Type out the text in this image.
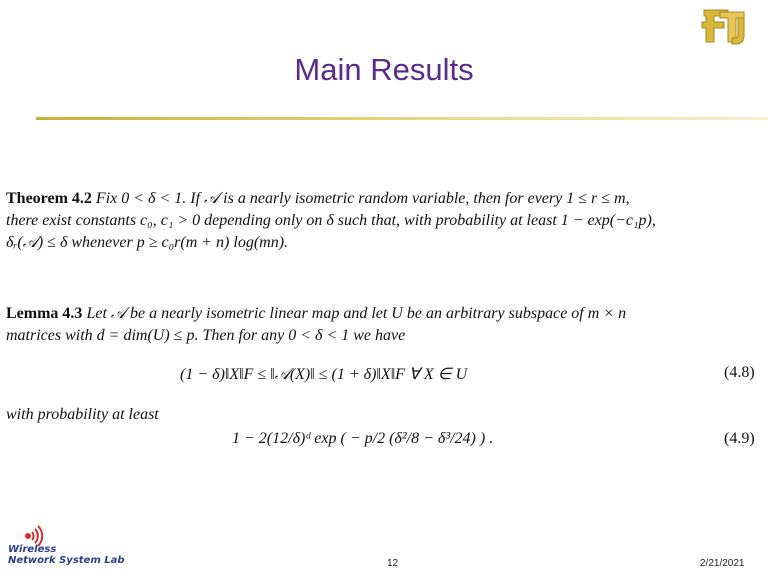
Main Results
Theorem 4.2 Fix 0 < δ < 1. If 𝒜 is a nearly isometric random variable, then for every 1 ≤ r ≤ m,
there exist constants c₀, c₁ > 0 depending only on δ such that, with probability at least 1 − exp(−c₁p),
δᵣ(𝒜) ≤ δ whenever p ≥ c₀r(m + n) log(mn).
Lemma 4.3 Let 𝒜 be a nearly isometric linear map and let U be an arbitrary subspace of m × n
matrices with d = dim(U) ≤ p. Then for any 0 < δ < 1 we have
(1 − δ)‖X‖F ≤ ‖𝒜(X)‖ ≤ (1 + δ)‖X‖F ∀ X ∈ U	(4.8)
with probability at least
1 − 2(12/δ)ᵈ exp ( − p/2 (δ²/8 − δ³/24) ) .	(4.9)
Wireless
Network System Lab	12	2/21/2021
